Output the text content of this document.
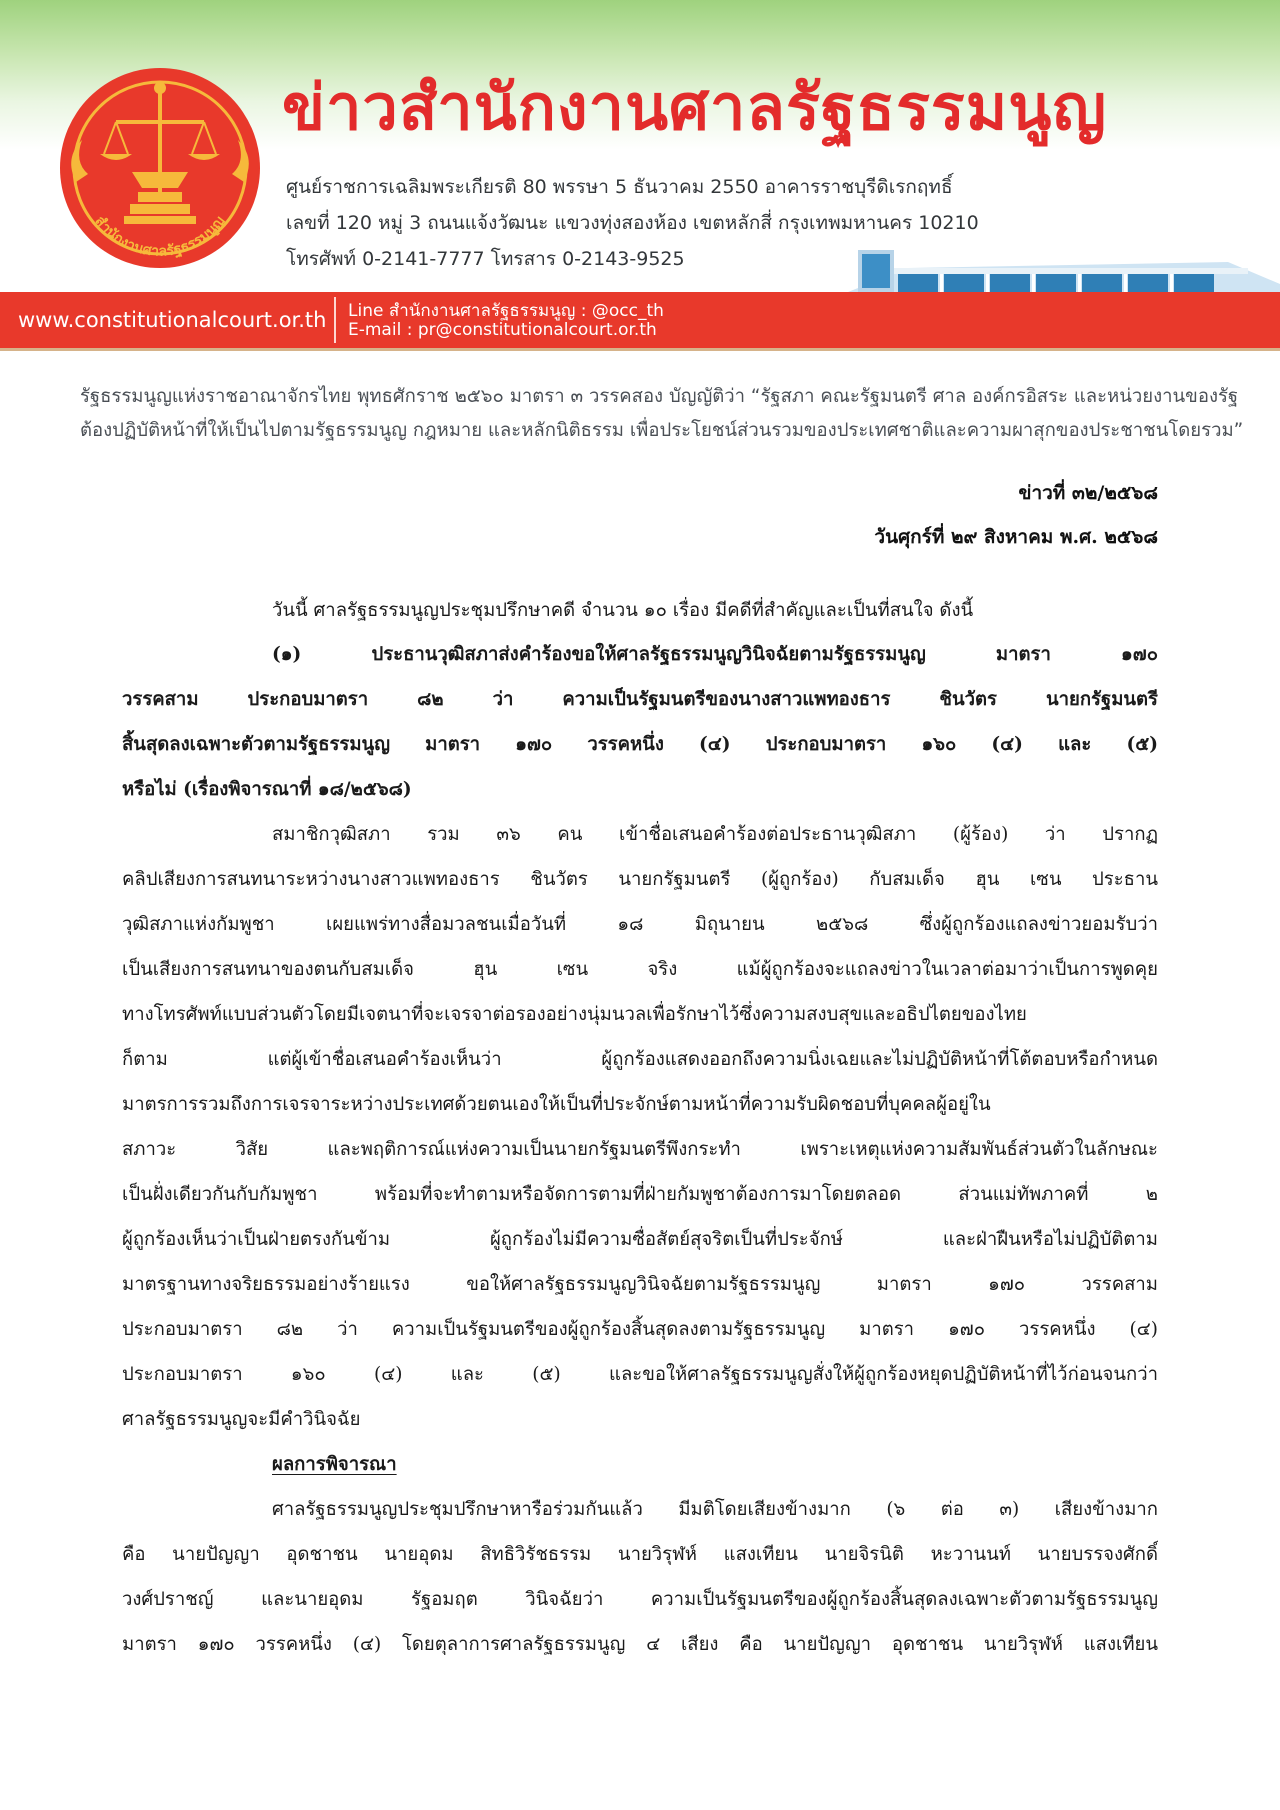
สำนักงานศาลรัฐธรรมนูญ
ข่าวสำนักงานศาลรัฐธรรมนูญ
ศูนย์ราชการเฉลิมพระเกียรติ 80 พรรษา 5 ธันวาคม 2550 อาคารราชบุรีดิเรกฤทธิ์
เลขที่ 120 หมู่ 3 ถนนแจ้งวัฒนะ แขวงทุ่งสองห้อง เขตหลักสี่ กรุงเทพมหานคร 10210
โทรศัพท์ 0-2141-7777 โทรสาร 0-2143-9525
www.constitutionalcourt.or.th Line สำนักงานศาลรัฐธรรมนูญ : @occ_th
E-mail : pr@constitutionalcourt.or.th
รัฐธรรมนูญแห่งราชอาณาจักรไทย พุทธศักราช ๒๕๖๐ มาตรา ๓ วรรคสอง บัญญัติว่า “รัฐสภา คณะรัฐมนตรี ศาล องค์กรอิสระ และหน่วยงานของรัฐ
ต้องปฏิบัติหน้าที่ให้เป็นไปตามรัฐธรรมนูญ กฎหมาย และหลักนิติธรรม เพื่อประโยชน์ส่วนรวมของประเทศชาติและความผาสุกของประชาชนโดยรวม”
ข่าวที่ ๓๒/๒๕๖๘
วันศุกร์ที่ ๒๙ สิงหาคม พ.ศ. ๒๕๖๘
วันนี้ ศาลรัฐธรรมนูญประชุมปรึกษาคดี จำนวน ๑๐ เรื่อง มีคดีที่สำคัญและเป็นที่สนใจ ดังนี้
(๑) ประธานวุฒิสภาส่งคำร้องขอให้ศาลรัฐธรรมนูญวินิจฉัยตามรัฐธรรมนูญ มาตรา ๑๗๐
วรรคสาม ประกอบมาตรา ๘๒ ว่า ความเป็นรัฐมนตรีของนางสาวแพทองธาร ชินวัตร นายกรัฐมนตรี
สิ้นสุดลงเฉพาะตัวตามรัฐธรรมนูญ มาตรา ๑๗๐ วรรคหนึ่ง (๔) ประกอบมาตรา ๑๖๐ (๔) และ (๕)
หรือไม่ (เรื่องพิจารณาที่ ๑๘/๒๕๖๘)
สมาชิกวุฒิสภา รวม ๓๖ คน เข้าชื่อเสนอคำร้องต่อประธานวุฒิสภา (ผู้ร้อง) ว่า ปรากฏ
คลิปเสียงการสนทนาระหว่างนางสาวแพทองธาร ชินวัตร นายกรัฐมนตรี (ผู้ถูกร้อง) กับสมเด็จ ฮุน เซน ประธาน
วุฒิสภาแห่งกัมพูชา เผยแพร่ทางสื่อมวลชนเมื่อวันที่ ๑๘ มิถุนายน ๒๕๖๘ ซึ่งผู้ถูกร้องแถลงข่าวยอมรับว่า
เป็นเสียงการสนทนาของตนกับสมเด็จ ฮุน เซน จริง แม้ผู้ถูกร้องจะแถลงข่าวในเวลาต่อมาว่าเป็นการพูดคุย
ทางโทรศัพท์แบบส่วนตัวโดยมีเจตนาที่จะเจรจาต่อรองอย่างนุ่มนวลเพื่อรักษาไว้ซึ่งความสงบสุขและอธิปไตยของไทย
ก็ตาม แต่ผู้เข้าชื่อเสนอคำร้องเห็นว่า ผู้ถูกร้องแสดงออกถึงความนิ่งเฉยและไม่ปฏิบัติหน้าที่โต้ตอบหรือกำหนด
มาตรการรวมถึงการเจรจาระหว่างประเทศด้วยตนเองให้เป็นที่ประจักษ์ตามหน้าที่ความรับผิดชอบที่บุคคลผู้อยู่ใน
สภาวะ วิสัย และพฤติการณ์แห่งความเป็นนายกรัฐมนตรีพึงกระทำ เพราะเหตุแห่งความสัมพันธ์ส่วนตัวในลักษณะ
เป็นฝั่งเดียวกันกับกัมพูชา พร้อมที่จะทำตามหรือจัดการตามที่ฝ่ายกัมพูชาต้องการมาโดยตลอด ส่วนแม่ทัพภาคที่ ๒
ผู้ถูกร้องเห็นว่าเป็นฝ่ายตรงกันข้าม ผู้ถูกร้องไม่มีความซื่อสัตย์สุจริตเป็นที่ประจักษ์ และฝ่าฝืนหรือไม่ปฏิบัติตาม
มาตรฐานทางจริยธรรมอย่างร้ายแรง ขอให้ศาลรัฐธรรมนูญวินิจฉัยตามรัฐธรรมนูญ มาตรา ๑๗๐ วรรคสาม
ประกอบมาตรา ๘๒ ว่า ความเป็นรัฐมนตรีของผู้ถูกร้องสิ้นสุดลงตามรัฐธรรมนูญ มาตรา ๑๗๐ วรรคหนึ่ง (๔)
ประกอบมาตรา ๑๖๐ (๔) และ (๕) และขอให้ศาลรัฐธรรมนูญสั่งให้ผู้ถูกร้องหยุดปฏิบัติหน้าที่ไว้ก่อนจนกว่า
ศาลรัฐธรรมนูญจะมีคำวินิจฉัย
ผลการพิจารณา
ศาลรัฐธรรมนูญประชุมปรึกษาหารือร่วมกันแล้ว มีมติโดยเสียงข้างมาก (๖ ต่อ ๓) เสียงข้างมาก
คือ นายปัญญา อุดชาชน นายอุดม สิทธิวิรัชธรรม นายวิรุฬห์ แสงเทียน นายจิรนิติ หะวานนท์ นายบรรจงศักดิ์
วงศ์ปราชญ์ และนายอุดม รัฐอมฤต วินิจฉัยว่า ความเป็นรัฐมนตรีของผู้ถูกร้องสิ้นสุดลงเฉพาะตัวตามรัฐธรรมนูญ
มาตรา ๑๗๐ วรรคหนึ่ง (๔) โดยตุลาการศาลรัฐธรรมนูญ ๔ เสียง คือ นายปัญญา อุดชาชน นายวิรุฬห์ แสงเทียน
